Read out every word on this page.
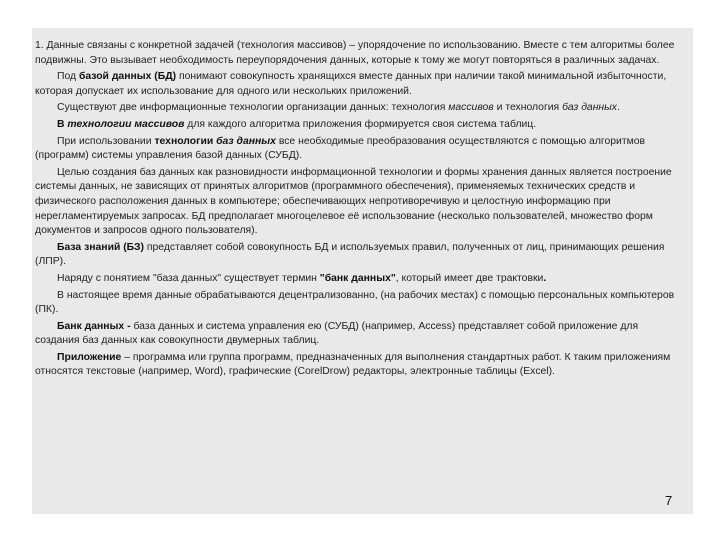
1. Данные связаны с конкретной задачей (технология массивов) – упорядочение по использованию. Вместе с тем алгоритмы более подвижны. Это вызывает необходимость переупорядочения данных, которые к тому же могут повторяться в различных задачах.

Под базой данных (БД) понимают совокупность хранящихся вместе данных при наличии такой минимальной избыточности, которая допускает их использование для одного или нескольких приложений.

Существуют две информационные технологии организации данных: технология массивов и технология баз данных.

В технологии массивов для каждого алгоритма приложения формируется своя система таблиц.

При использовании технологии баз данных все необходимые преобразования осуществляются с помощью алгоритмов (программ) системы управления базой данных (СУБД).

Целью создания баз данных как разновидности информационной технологии и формы хранения данных является построение системы данных, не зависящих от принятых алгоритмов (программного обеспечения), применяемых технических средств и физического расположения данных в компьютере; обеспечивающих непротиворечивую и целостную информацию при нерегламентируемых запросах. БД предполагает многоцелевое её использование (несколько пользователей, множество форм документов и запросов одного пользователя).

База знаний (БЗ) представляет собой совокупность БД и используемых правил, полученных от лиц, принимающих решения (ЛПР).

Наряду с понятием "база данных" существует термин "банк данных", который имеет две трактовки.

В настоящее время данные обрабатываются децентрализованно, (на рабочих местах) с помощью персональных компьютеров (ПК).

Банк данных - база данных и система управления ею (СУБД) (например, Access) представляет собой приложение для создания баз данных как совокупности двумерных таблиц.

Приложение – программа или группа программ, предназначенных для выполнения стандартных работ. К таким приложениям относятся текстовые (например, Word), графические (CorelDrow) редакторы, электронные таблицы (Excel).

7
